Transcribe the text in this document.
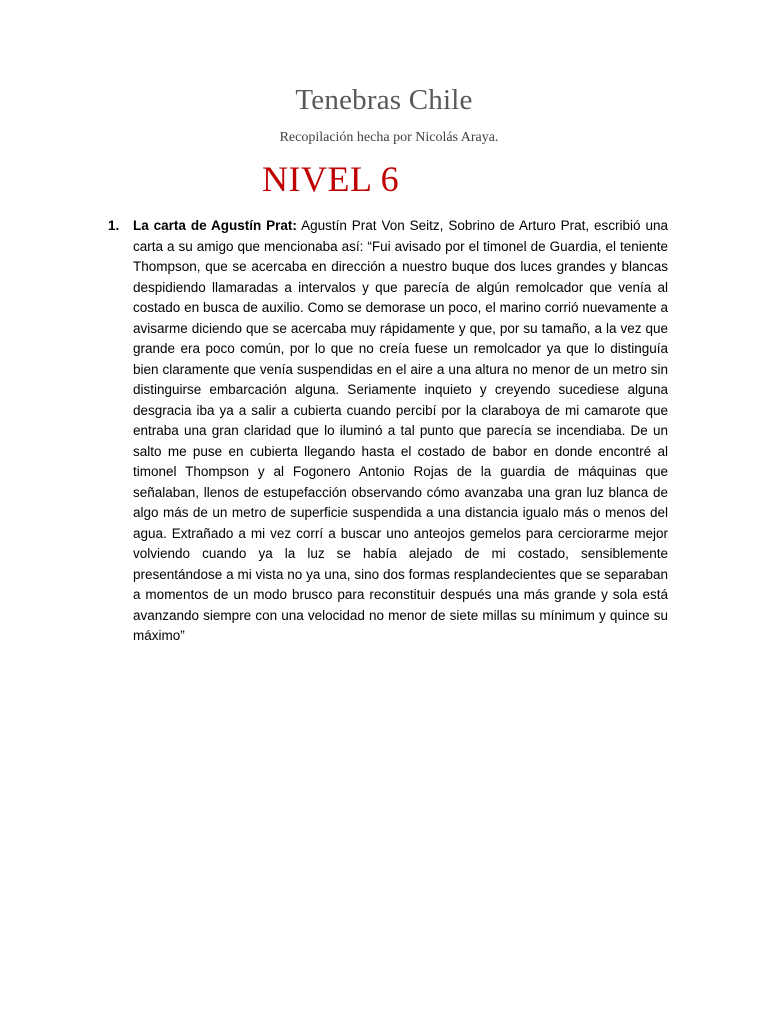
Tenebras Chile
Recopilación hecha por Nicolás Araya.
NIVEL 6
1. La carta de Agustín Prat: Agustín Prat Von Seitz, Sobrino de Arturo Prat, escribió una carta a su amigo que mencionaba así: “Fui avisado por el timonel de Guardia, el teniente Thompson, que se acercaba en dirección a nuestro buque dos luces grandes y blancas despidiendo llamaradas a intervalos y que parecía de algún remolcador que venía al costado en busca de auxilio. Como se demorase un poco, el marino corrió nuevamente a avisarme diciendo que se acercaba muy rápidamente y que, por su tamaño, a la vez que grande era poco común, por lo que no creía fuese un remolcador ya que lo distinguía bien claramente que venía suspendidas en el aire a una altura no menor de un metro sin distinguirse embarcación alguna. Seriamente inquieto y creyendo sucediese alguna desgracia iba ya a salir a cubierta cuando percibí por la claraboya de mi camarote que entraba una gran claridad que lo iluminó a tal punto que parecía se incendiaba. De un salto me puse en cubierta llegando hasta el costado de babor en donde encontré al timonel Thompson y al Fogonero Antonio Rojas de la guardia de máquinas que señalaban, llenos de estupefacción observando cómo avanzaba una gran luz blanca de algo más de un metro de superficie suspendida a una distancia igualo más o menos del agua. Extrañado a mi vez corrí a buscar uno anteojos gemelos para cerciorarme mejor volviendo cuando ya la luz se había alejado de mi costado, sensiblemente presentándose a mi vista no ya una, sino dos formas resplandecientes que se separaban a momentos de un modo brusco para reconstituir después una más grande y sola está avanzando siempre con una velocidad no menor de siete millas su mínimum y quince su máximo”
